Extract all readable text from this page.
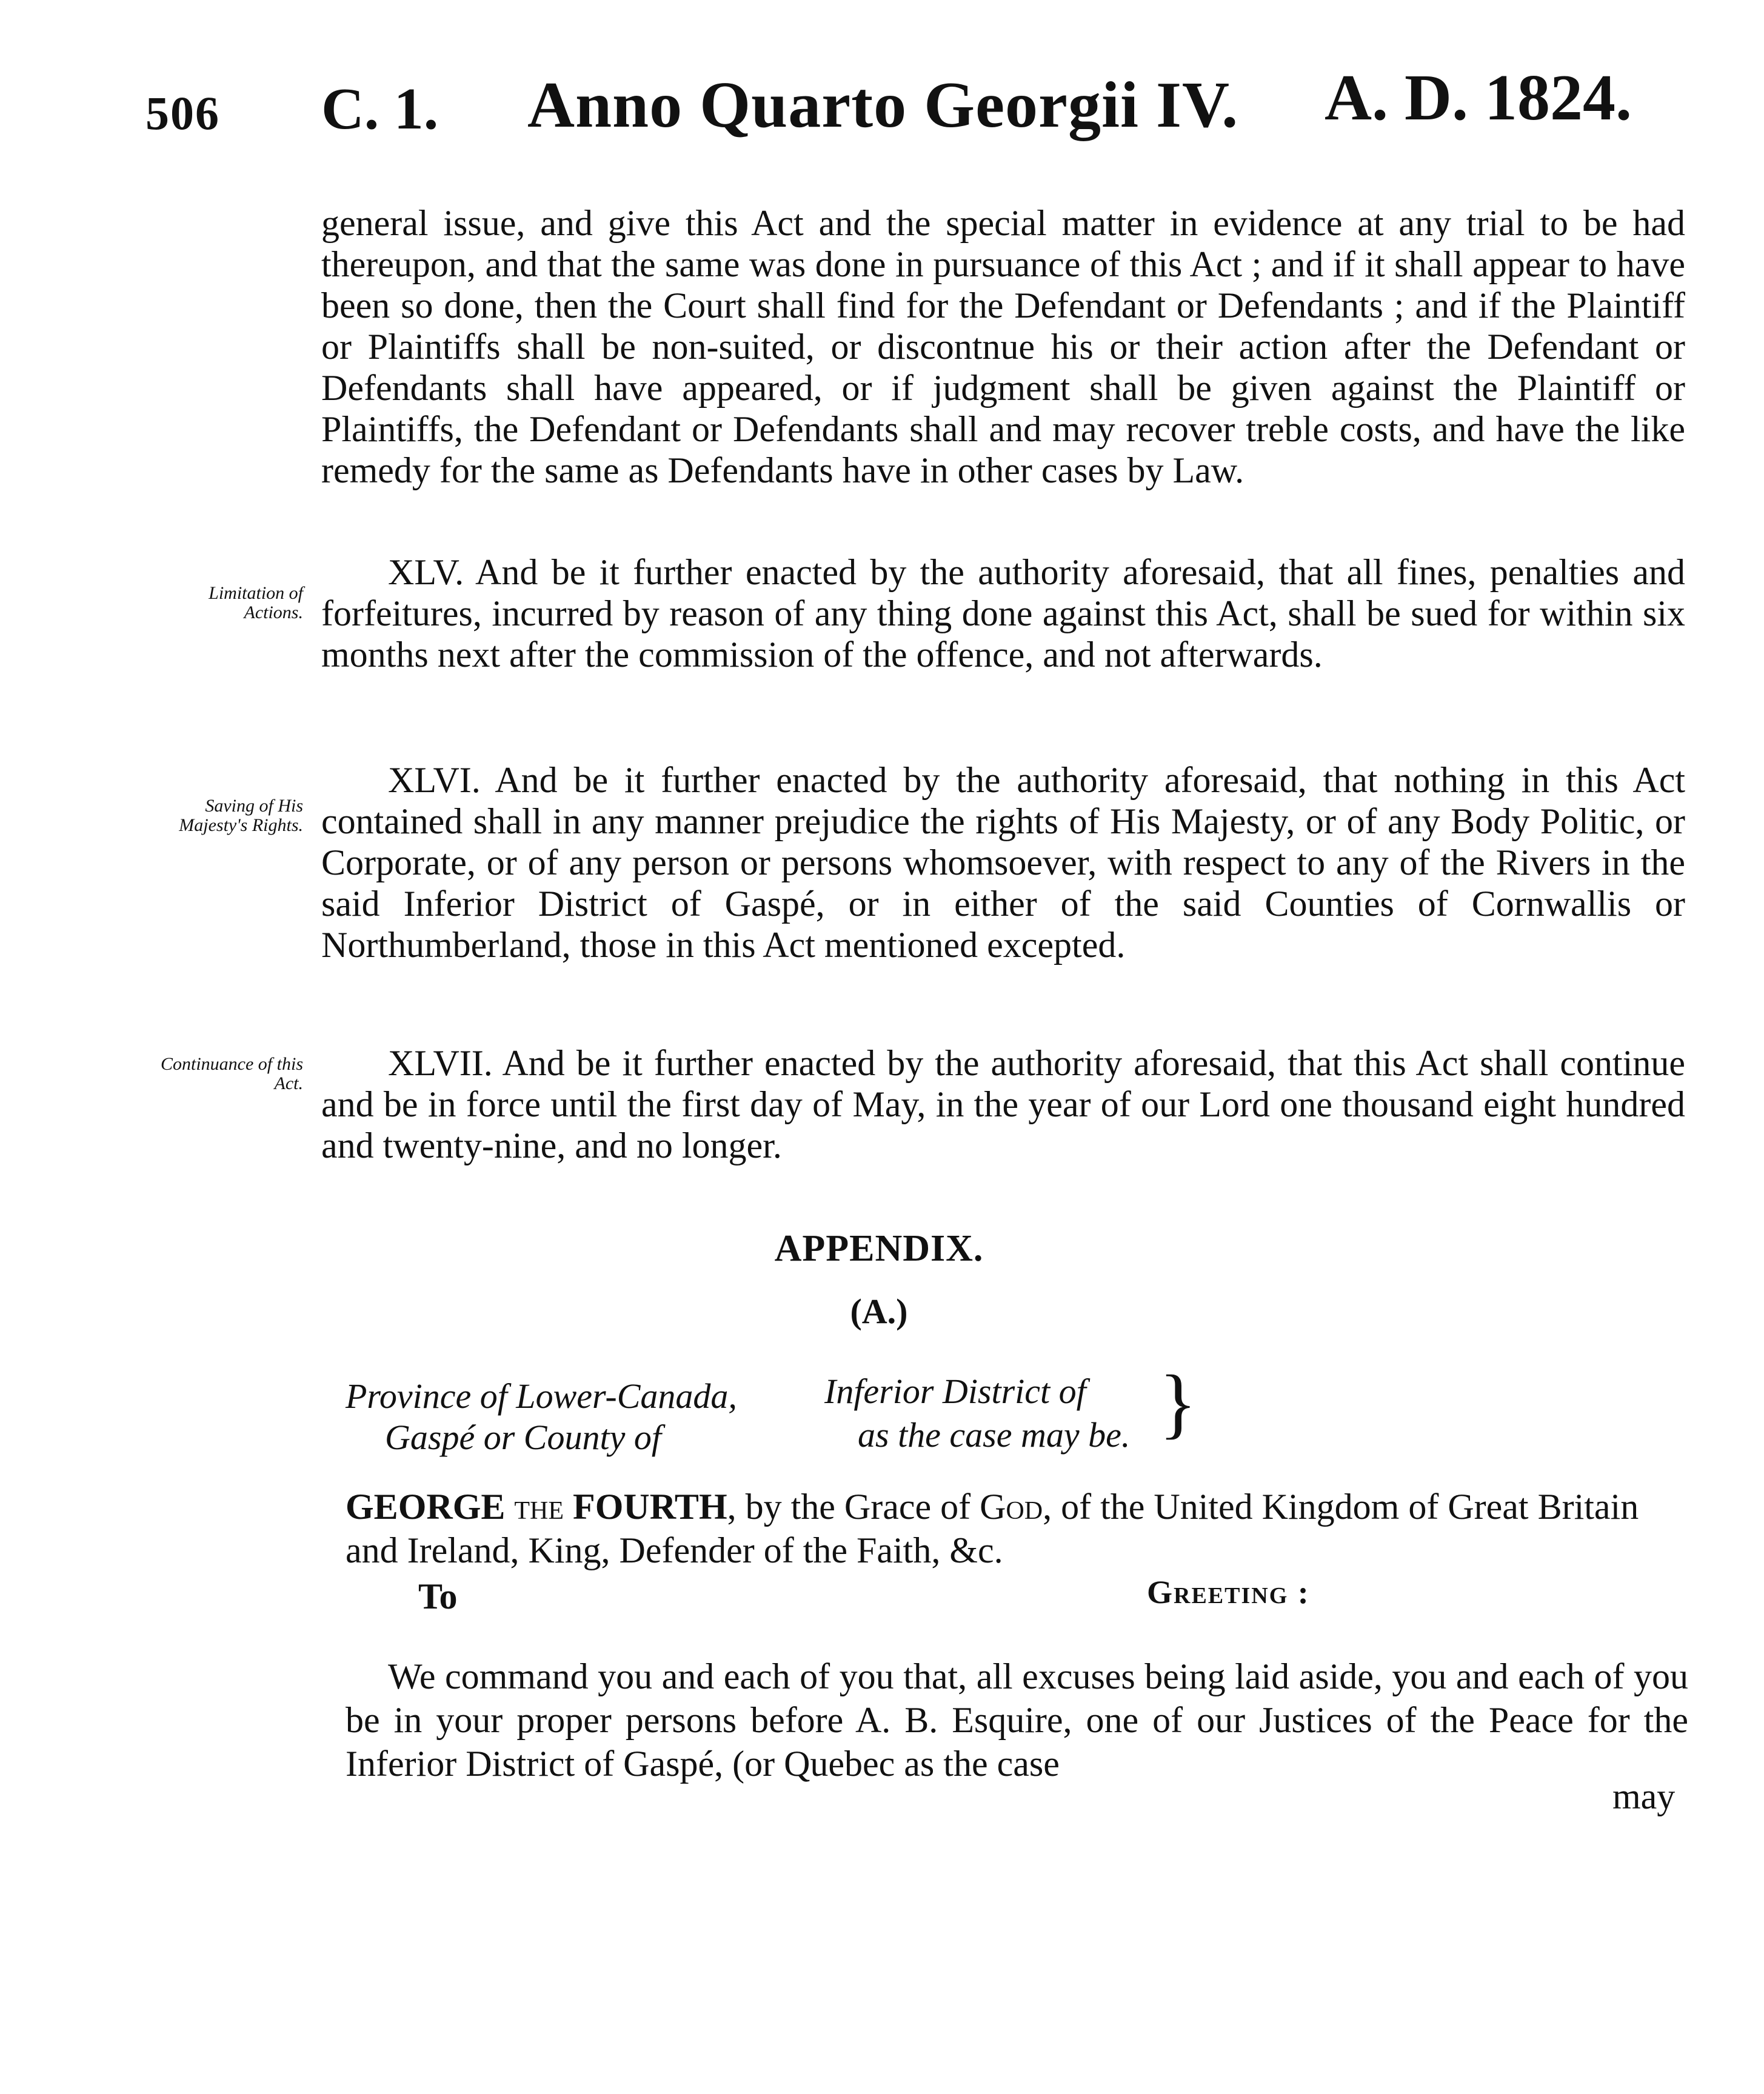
506 C. 1. Anno Quarto Georgii IV. A. D. 1824.
general issue, and give this Act and the special matter in evidence at any trial to be had thereupon, and that the same was done in pursuance of this Act ; and if it shall appear to have been so done, then the Court shall find for the Defendant or Defendants ; and if the Plaintiff or Plaintiffs shall be non-suited, or discontnue his or their action after the Defendant or Defendants shall have appeared, or if judgment shall be given against the Plaintiff or Plaintiffs, the Defendant or Defendants shall and may recover treble costs, and have the like remedy for the same as Defendants have in other cases by Law.
Limitation of Actions.
XLV. And be it further enacted by the authority aforesaid, that all fines, penalties and forfeitures, incurred by reason of any thing done against this Act, shall be sued for within six months next after the commission of the offence, and not afterwards.
Saving of His Majesty's Rights.
XLVI. And be it further enacted by the authority aforesaid, that nothing in this Act contained shall in any manner prejudice the rights of His Majesty, or of any Body Politic, or Corporate, or of any person or persons whomsoever, with respect to any of the Rivers in the said Inferior District of Gaspé, or in either of the said Counties of Cornwallis or Northumberland, those in this Act mentioned excepted.
Continuance of this Act.
XLVII. And be it further enacted by the authority aforesaid, that this Act shall continue and be in force until the first day of May, in the year of our Lord one thousand eight hundred and twenty-nine, and no longer.
APPENDIX.
(A.)
Province of Lower-Canada, Inferior District of
Gaspé or County of	as the case may be. }
GEORGE the FOURTH, by the Grace of God, of the United Kingdom of Great Britain and Ireland, King, Defender of the Faith, &c.
To	Greeting :
We command you and each of you that, all excuses being laid aside, you and each of you be in your proper persons before A. B. Esquire, one of our Justices of the Peace for the Inferior District of Gaspé, (or Quebec as the case
may
